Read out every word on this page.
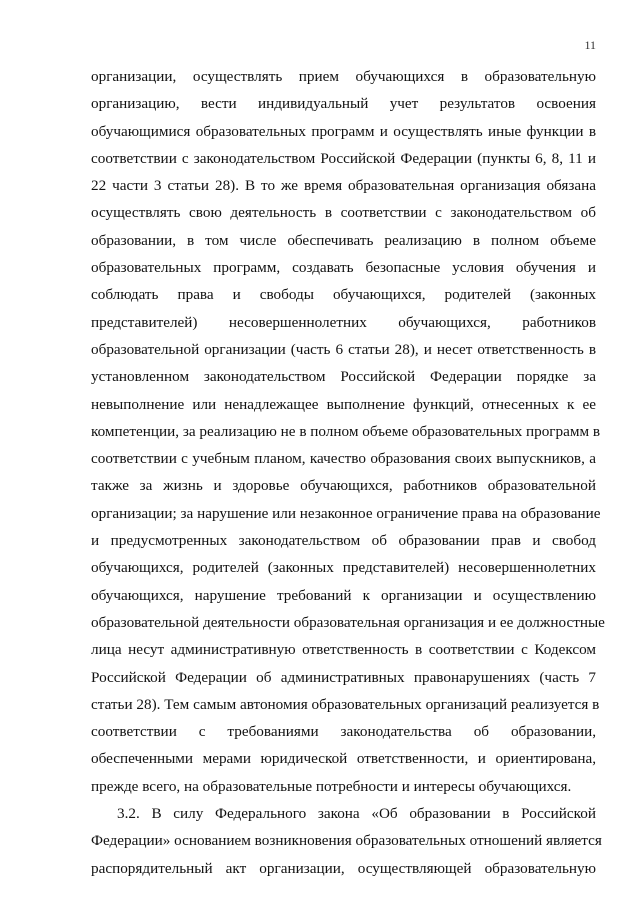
11
организации, осуществлять прием обучающихся в образовательную
организацию, вести индивидуальный учет результатов освоения
обучающимися образовательных программ и осуществлять иные функции в
соответствии с законодательством Российской Федерации (пункты 6, 8, 11 и
22 части 3 статьи 28). В то же время образовательная организация обязана
осуществлять свою деятельность в соответствии с законодательством об
образовании, в том числе обеспечивать реализацию в полном объеме
образовательных программ, создавать безопасные условия обучения и
соблюдать права и свободы обучающихся, родителей (законных
представителей) несовершеннолетних обучающихся, работников
образовательной организации (часть 6 статьи 28), и несет ответственность в
установленном законодательством Российской Федерации порядке за
невыполнение или ненадлежащее выполнение функций, отнесенных к ее
компетенции, за реализацию не в полном объеме образовательных программ в
соответствии с учебным планом, качество образования своих выпускников, а
также за жизнь и здоровье обучающихся, работников образовательной
организации; за нарушение или незаконное ограничение права на образование
и предусмотренных законодательством об образовании прав и свобод
обучающихся, родителей (законных представителей) несовершеннолетних
обучающихся, нарушение требований к организации и осуществлению
образовательной деятельности образовательная организация и ее должностные
лица несут административную ответственность в соответствии с Кодексом
Российской Федерации об административных правонарушениях (часть 7
статьи 28). Тем самым автономия образовательных организаций реализуется в
соответствии с требованиями законодательства об образовании,
обеспеченными мерами юридической ответственности, и ориентирована,
прежде всего, на образовательные потребности и интересы обучающихся.
3.2. В силу Федерального закона «Об образовании в Российской
Федерации» основанием возникновения образовательных отношений является
распорядительный акт организации, осуществляющей образовательную
